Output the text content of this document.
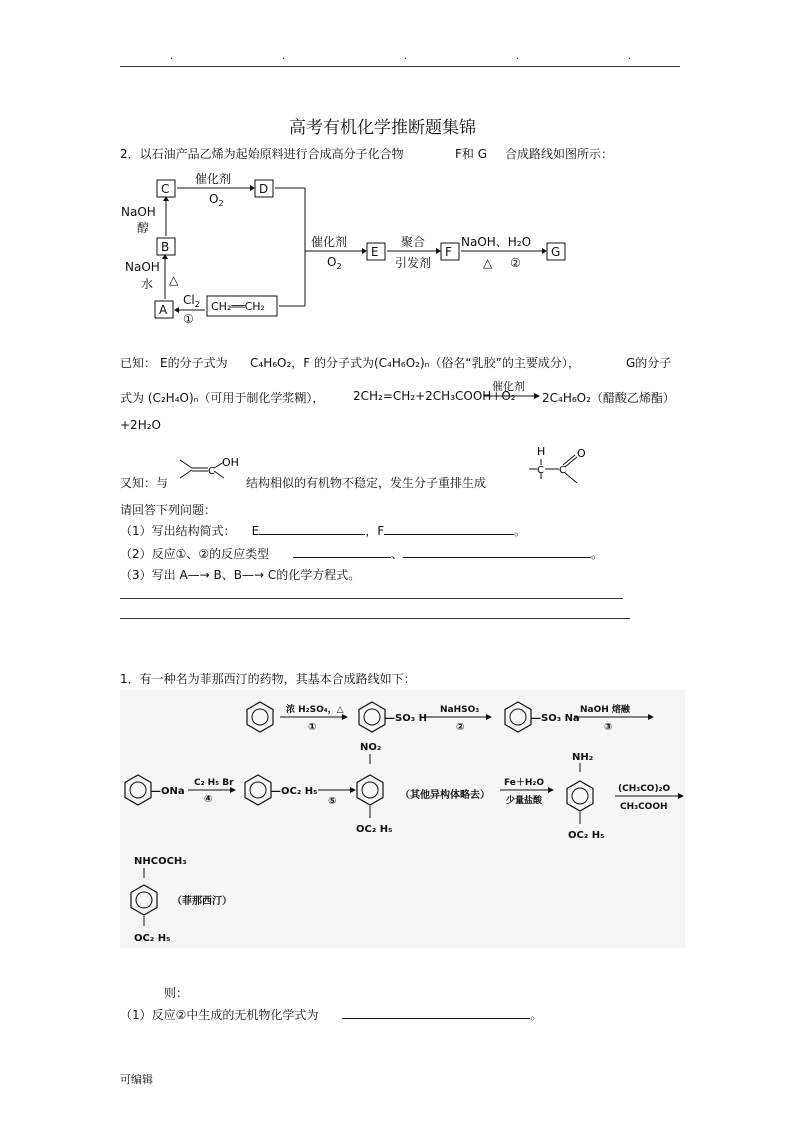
.	.	.	.	.
高考有机化学推断题集锦
2．以石油产品乙烯为起始原料进行合成高分子化合物	F和 G 合成路线如图所示：
C	D
B
A
E	F	G
催化剂
$O_2$
NaOH
醇
NaOH
水 △
$Cl_2$
①
CH₂══CH₂
催化剂
$O_2$
聚合
引发剂
NaOH、H₂O
△ ②
已知： E的分子式为 C₄H₆O₂，F 的分子式为 (C₄H₆O₂)ₙ（俗名“乳胶”的主要成分），	G的分子
式为 (C₂H₄O)ₙ（可用于制化学浆糊）， 2CH₂=CH₂+2CH₃COOH+O₂
催化剂
2C₄H₆O₂（醋酸乙烯酯）
+2H₂O
又知：与
C
OH
结构相似的有机物不稳定，发生分子重排生成
H
C C
O
请回答下列问题：
（1）写出结构简式： E	，F	。
（2）反应①、②的反应类型	、	。
（3）写出 A—→ B、B—→ C的化学方程式。
1．有一种名为菲那西汀的药物，其基本合成路线如下：
浓 H₂SO₄，△
①
—SO₃ H
NaHSO₃
②
—SO₃ Na
NaOH 熔融
③
—ONa
C₂ H₅ Br
④
—OC₂ H₅
⑤
NO₂
OC₂ H₅
（其他异构体略去）
Fe＋H₂O
少量盐酸
NH₂
OC₂ H₅
(CH₃CO)₂O
CH₃COOH
NHCOCH₃
OC₂ H₅
（菲那西汀）
则：
（1）反应②中生成的无机物化学式为	。
可编辑
